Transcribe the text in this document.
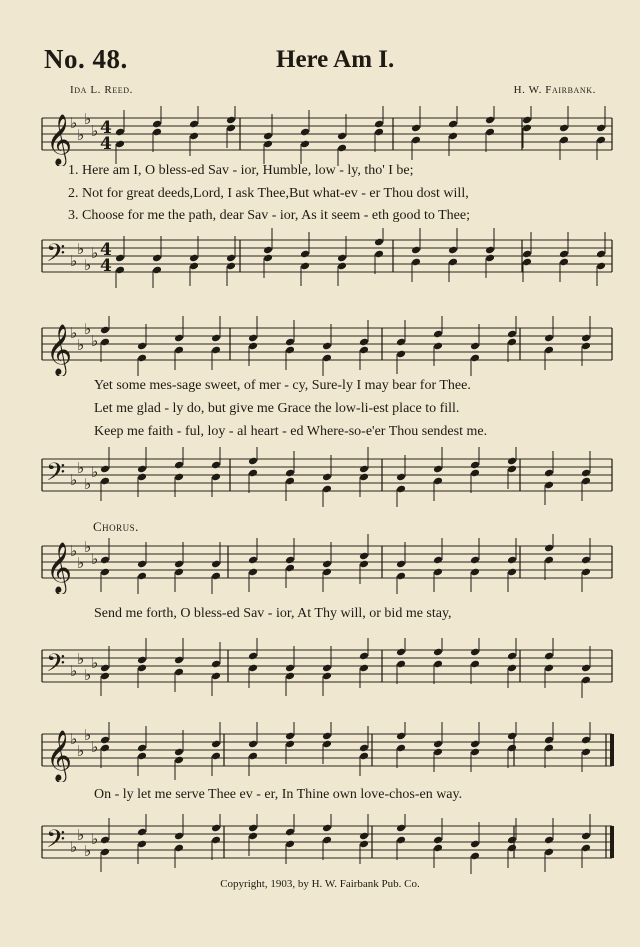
No. 48.	Here Am I.
Ida L. Reed.	H. W. Fairbank.
𝄞
♭
♭
♭
♭ 4
4
1. Here am I, O bless-ed Sav - ior, Humble, low - ly, tho' I be;
2. Not for great deeds,Lord, I ask Thee,But what-ev - er Thou dost will,
3. Choose for me the path, dear Sav - ior, As it seem - eth good to Thee;
𝄢 ♭
♭
♭
♭ 4
4
𝄞
♭
♭
♭
♭
Yet some mes-sage sweet, of mer - cy, Sure-ly I may bear for Thee.
Let me glad - ly do, but give me Grace the low-li-est place to fill.
Keep me faith - ful, loy - al heart - ed Where-so-e'er Thou sendest me.
𝄢 ♭
♭
♭
♭
Chorus.
𝄞
♭
♭
♭
♭
Send me forth, O bless-ed Sav - ior, At Thy will, or bid me stay,
𝄢 ♭
♭
♭
♭
𝄞
♭
♭
♭
♭
On - ly let me serve Thee ev - er, In Thine own love-chos-en way.
𝄢 ♭
♭
♭
♭
Copyright, 1903, by H. W. Fairbank Pub. Co.
